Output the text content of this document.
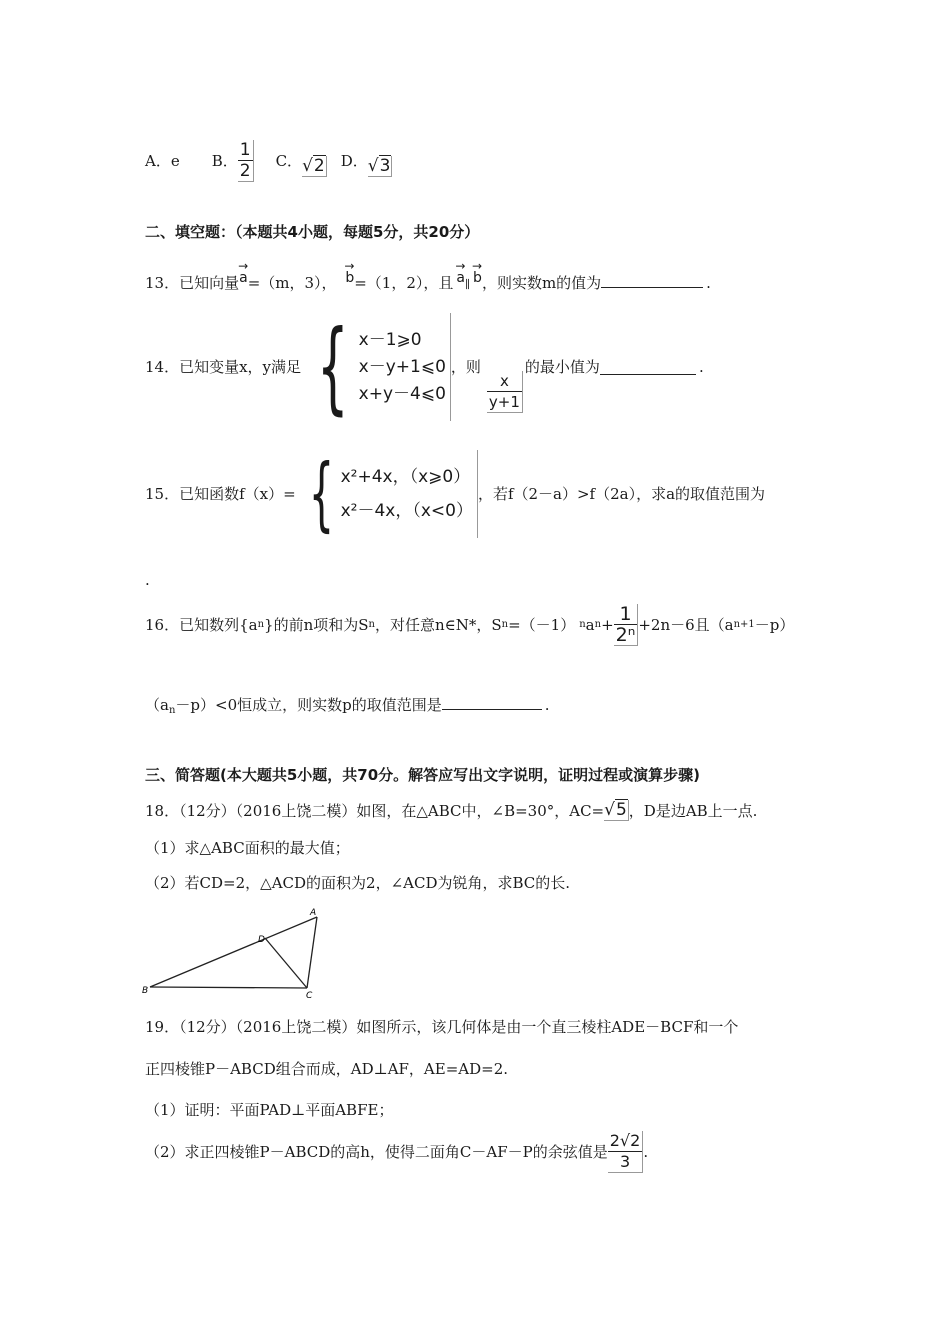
A．e B． $\frac{1}{2}$ C． √2 D． √3
二、填空题：（本题共4小题，每题5分，共20分）
13．已知向量→ a=（m，3）， → b=（1，2），且 → a∥ → b，则实数m的值为	.
14．已知变量x，y满足 { x－1⩾0
x－y+1⩽0
x+y－4⩽0
，则
$\frac{x}{y+1}$
的最小值为	.
15．已知函数f（x）= { x²+4x，（x⩾0）
x²－4x，（x<0）
，若f（2－a）>f（2a），求a的取值范围为
.
16．已知数列{a n }的前n项和为S n ，对任意n∈N*，S n =（－1） n a $n + \frac{1}{\text{2ⁿ}} +2n-6$且（a n+1 －p）
$(a_n-p)<0$恒成立，则实数p的取值范围是	.
三、简答题(本大题共5小题，共70分。解答应写出文字说明，证明过程或演算步骤)
18．（12分）（2016上饶二模）如图，在△ABC中，∠B=30°，AC= √5 ，D是边AB上一点.
（1）求△ABC面积的最大值；
（2）若CD=2，△ACD的面积为2，∠ACD为锐角，求BC的长.
A
B	C
D
19．（12分）（2016上饶二模）如图所示，该几何体是由一个直三棱柱ADE－BCF和一个
正四棱锥P－ABCD组合而成，AD⊥AF，AE=AD=2.
（1）证明：平面PAD⊥平面ABFE；
（2）求正四棱锥P－ABCD的高h，使得二面角C－AF－P的余弦值是 $\frac{2√2}{3}$ .
